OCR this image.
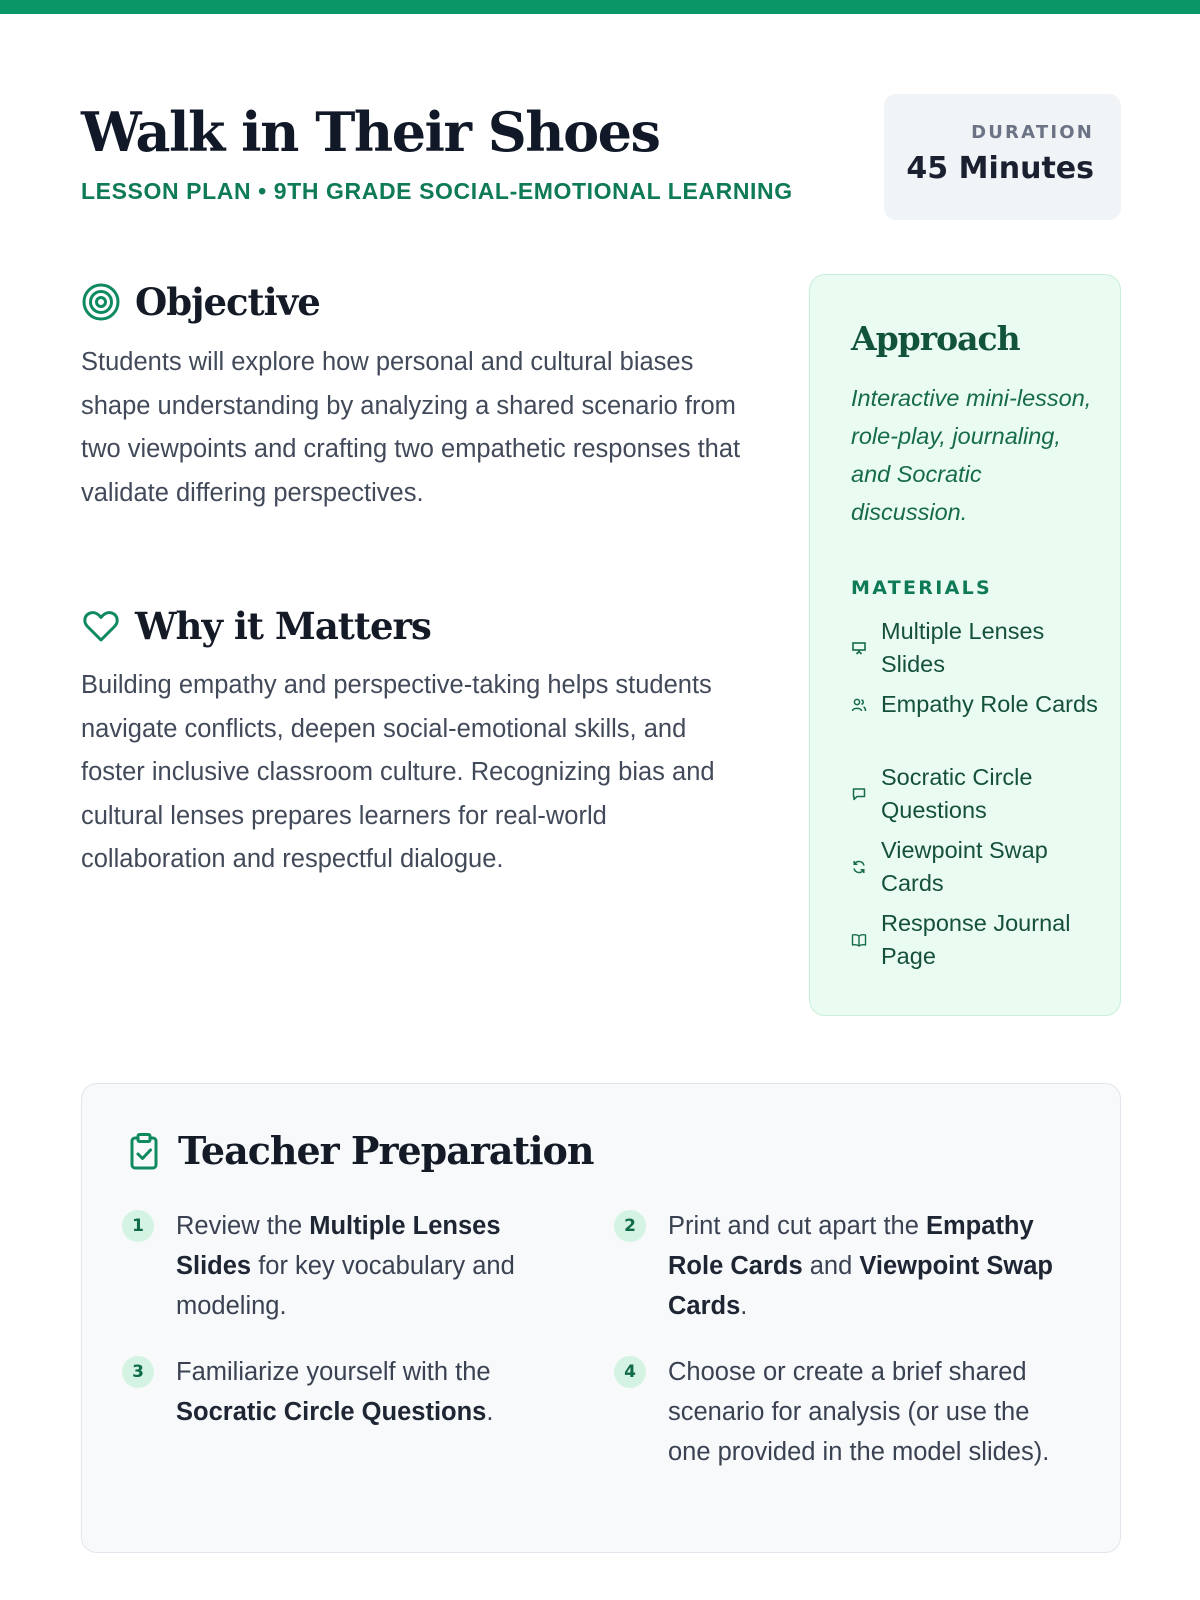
Walk in Their Shoes
LESSON PLAN • 9TH GRADE SOCIAL-EMOTIONAL LEARNING
DURATION
45 Minutes
Objective

Students will explore how personal and cultural biases shape understanding by analyzing a shared scenario from two viewpoints and crafting two empathetic responses that validate differing perspectives.

Why it Matters

Building empathy and perspective-taking helps students navigate conflicts, deepen social-emotional skills, and foster inclusive classroom culture. Recognizing bias and cultural lenses prepares learners for real-world collaboration and respectful dialogue.

Approach

Interactive mini-lesson, role-play, journaling, and Socratic discussion.

MATERIALS
Multiple Lenses Slides
Empathy Role Cards
Socratic Circle Questions
Viewpoint Swap Cards
Response Journal Page
Teacher Preparation
1	Review the Multiple Lenses Slides for key vocabulary and modeling.
2	Print and cut apart the Empathy Role Cards and Viewpoint Swap Cards.
3	Familiarize yourself with the Socratic Circle Questions.
4	Choose or create a brief shared scenario for analysis (or use the one provided in the model slides).
